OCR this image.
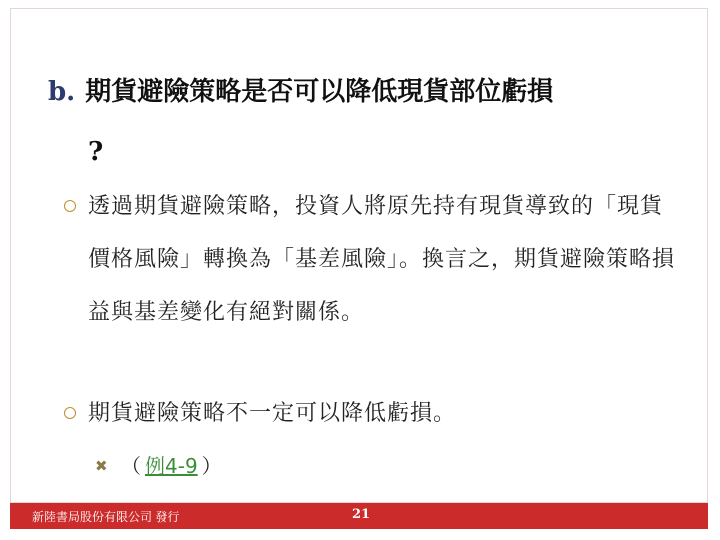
b. 期貨避險策略是否可以降低現貨部位虧損
?
透過期貨避險策略，投資人將原先持有現貨導致的「現貨價格風險」轉換為「基差風險」。換言之，期貨避險策略損益與基差變化有絕對關係。
期貨避險策略不一定可以降低虧損。
✖ （ 例4-9 ）
新陸書局股份有限公司 發行	21
